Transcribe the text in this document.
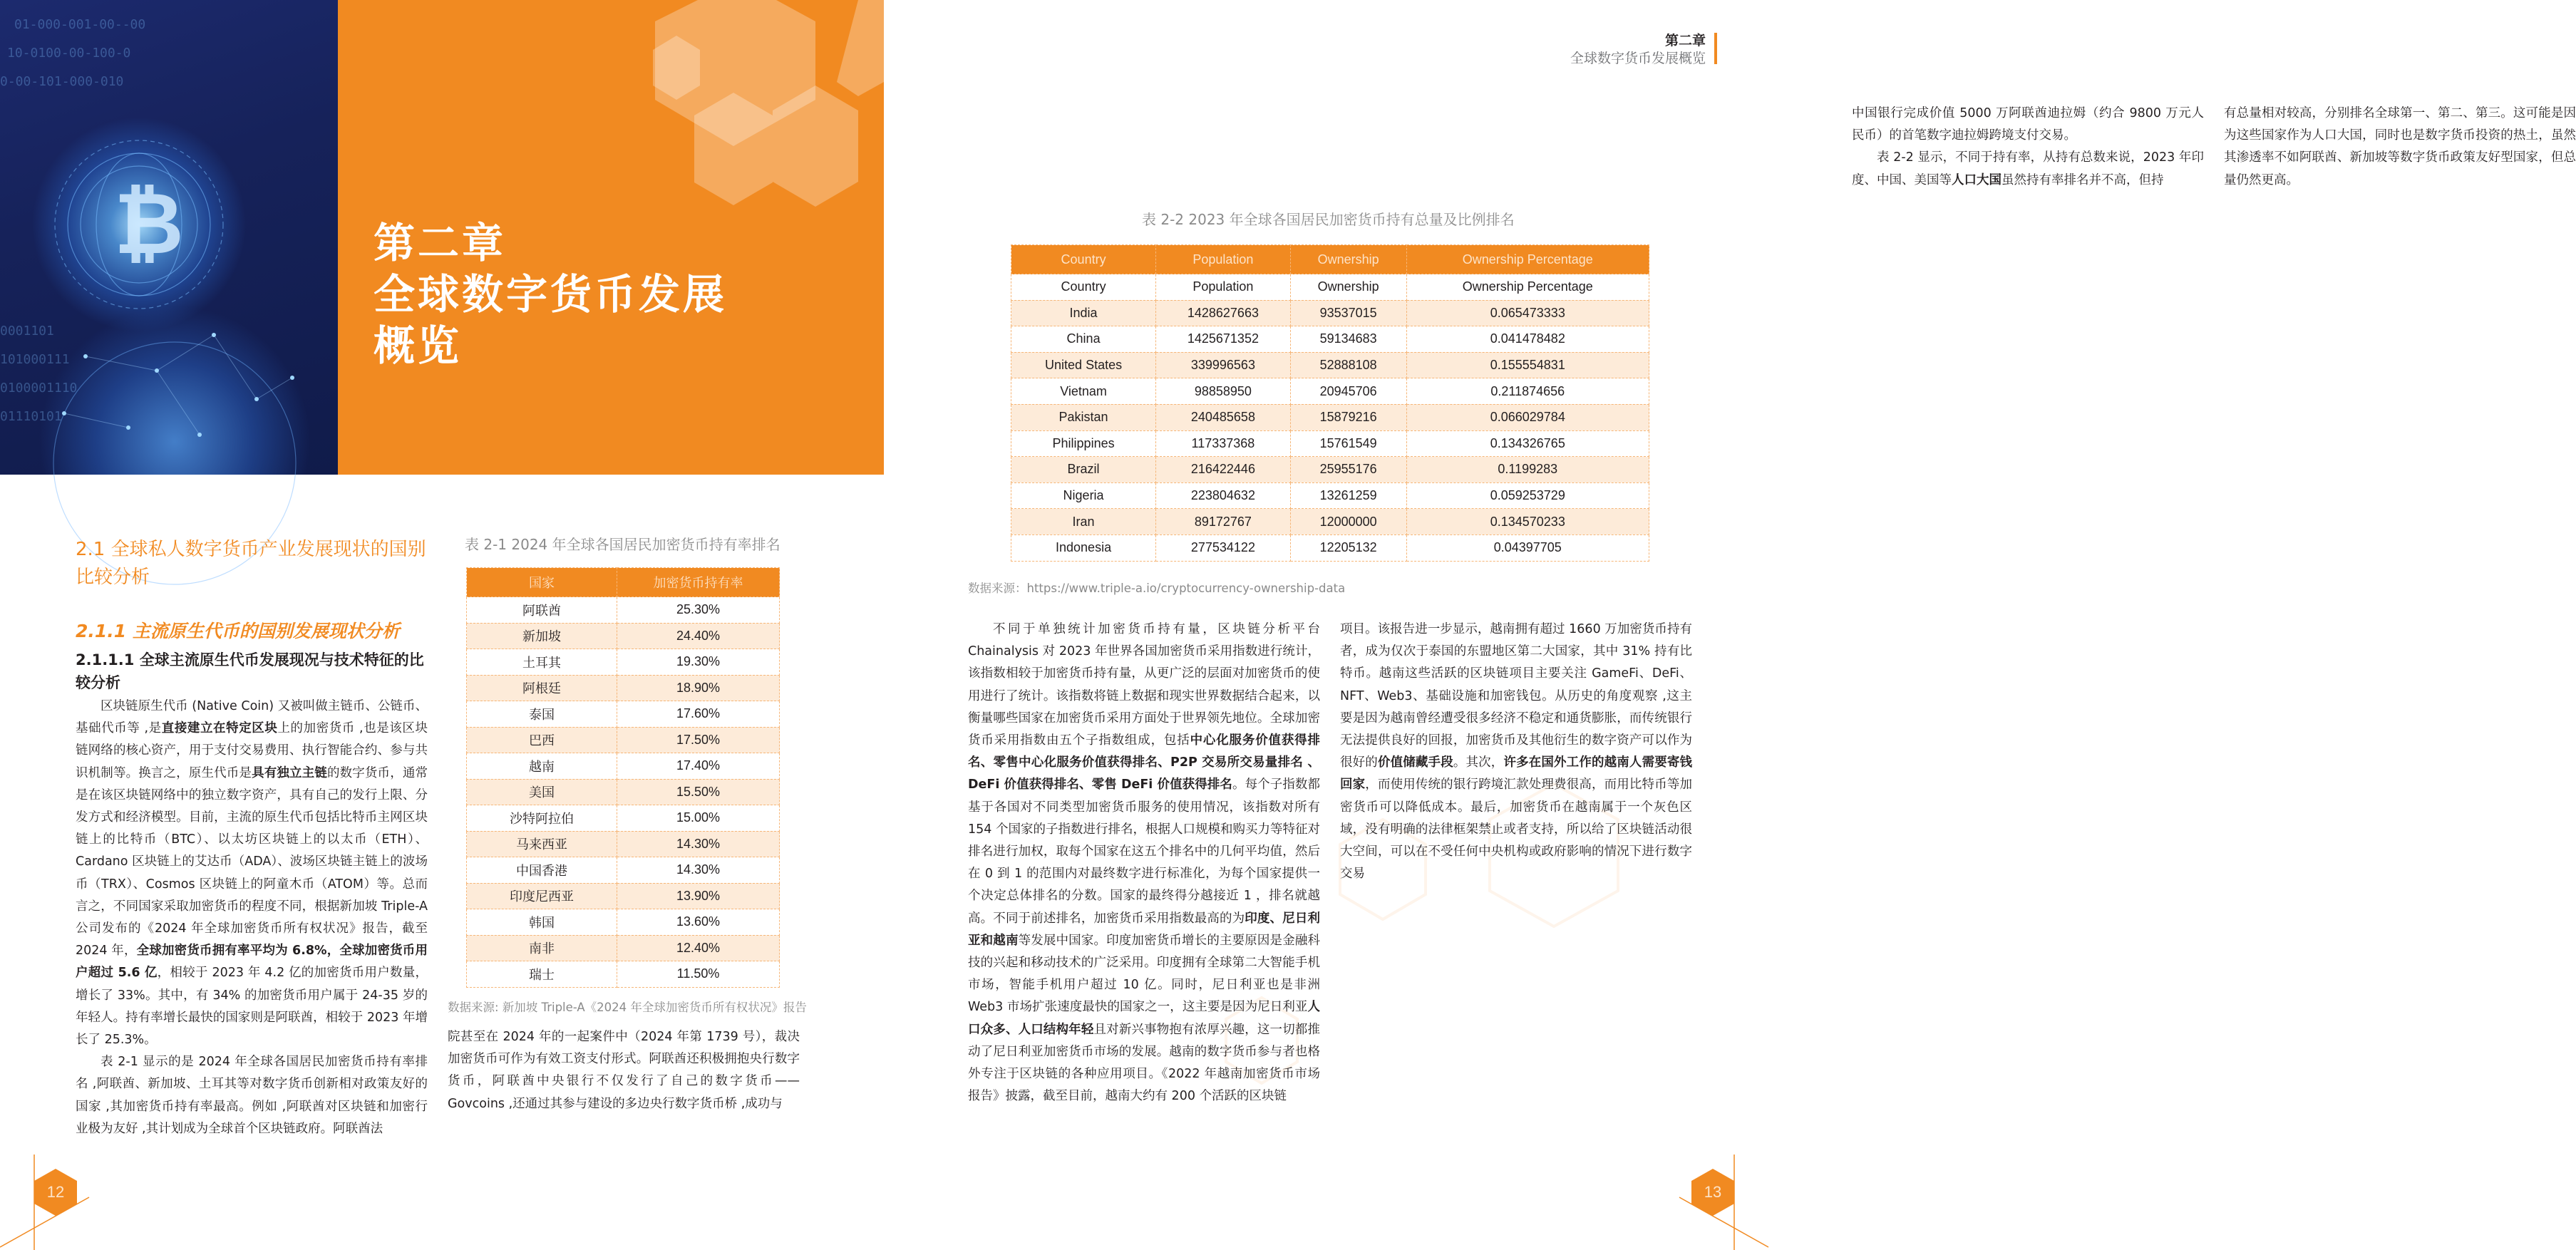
₿
01-000-001-00--00
10-0100-00-100-0
0-00-101-000-010
0001101
101000111
0100001110
01110101
第二章
全球数字货币发展
概览
2.1 全球私人数字货币产业发展现状的国别比较分析
2.1.1 主流原生代币的国别发展现状分析
2.1.1.1 全球主流原生代币发展现况与技术特征的比较分析

区块链原生代币 (Native Coin) 又被叫做主链币、公链币、基础代币等 ,是直接建立在特定区块上的加密货币 ,也是该区块链网络的核心资产，用于支付交易费用、执行智能合约、参与共识机制等。换言之，原生代币是具有独立主链的数字货币，通常是在该区块链网络中的独立数字资产，具有自己的发行上限、分发方式和经济模型。目前，主流的原生代币包括比特币主网区块链上的比特币（BTC）、以太坊区块链上的以太币（ETH）、Cardano 区块链上的艾达币（ADA）、波场区块链主链上的波场币（TRX）、Cosmos 区块链上的阿童木币（ATOM）等。总而言之，不同国家采取加密货币的程度不同，根据新加坡 Triple-A 公司发布的《2024 年全球加密货币所有权状况》报告，截至 2024 年，全球加密货币拥有率平均为 6.8%，全球加密货币用户超过 5.6 亿，相较于 2023 年 4.2 亿的加密货币用户数量，增长了 33%。其中，有 34% 的加密货币用户属于 24-35 岁的年轻人。持有率增长最快的国家则是阿联酋，相较于 2023 年增长了 25.3%。

表 2-1 显示的是 2024 年全球各国居民加密货币持有率排名 ,阿联酋、新加坡、土耳其等对数字货币创新相对政策友好的国家 ,其加密货币持有率最高。例如 ,阿联酋对区块链和加密行业极为友好 ,其计划成为全球首个区块链政府。阿联酋法

表 2-1 2024 年全球各国居民加密货币持有率排名
国家	加密货币持有率
阿联酋	25.30%
新加坡	24.40%
土耳其	19.30%
阿根廷	18.90%
泰国	17.60%
巴西	17.50%
越南	17.40%
美国	15.50%
沙特阿拉伯	15.00%
马来西亚	14.30%
中国香港	14.30%
印度尼西亚	13.90%
韩国	13.60%
南非	12.40%
瑞士	11.50%
数据来源: 新加坡 Triple-A《2024 年全球加密货币所有权状况》报告

院甚至在 2024 年的一起案件中（2024 年第 1739 号），裁决加密货币可作为有效工资支付形式。阿联酋还积极拥抱央行数字货币，阿联酋中央银行不仅发行了自己的数字货币——Govcoins ,还通过其参与建设的多边央行数字货币桥 ,成功与

12
第二章
全球数字货币发展概览

中国银行完成价值 5000 万阿联酋迪拉姆（约合 9800 万元人民币）的首笔数字迪拉姆跨境支付交易。

表 2-2 显示，不同于持有率，从持有总数来说，2023 年印度、中国、美国等人口大国虽然持有率排名并不高，但持

有总量相对较高，分别排名全球第一、第二、第三。这可能是因为这些国家作为人口大国，同时也是数字货币投资的热土，虽然其渗透率不如阿联酋、新加坡等数字货币政策友好型国家，但总量仍然更高。

表 2-2 2023 年全球各国居民加密货币持有总量及比例排名
Country	Population	Ownership	Ownership Percentage
Country	Population	Ownership	Ownership Percentage
India	1428627663	93537015	0.065473333
China	1425671352	59134683	0.041478482
United States	339996563	52888108	0.155554831
Vietnam	98858950	20945706	0.211874656
Pakistan	240485658	15879216	0.066029784
Philippines	117337368	15761549	0.134326765
Brazil	216422446	25955176	0.1199283
Nigeria	223804632	13261259	0.059253729
Iran	89172767	12000000	0.134570233
Indonesia	277534122	12205132	0.04397705
数据来源：https://www.triple-a.io/cryptocurrency-ownership-data

不同于单独统计加密货币持有量，区块链分析平台 Chainalysis 对 2023 年世界各国加密货币采用指数进行统计，该指数相较于加密货币持有量，从更广泛的层面对加密货币的使用进行了统计。该指数将链上数据和现实世界数据结合起来，以衡量哪些国家在加密货币采用方面处于世界领先地位。全球加密货币采用指数由五个子指数组成，包括中心化服务价值获得排名、零售中心化服务价值获得排名、P2P 交易所交易量排名 、DeFi 价值获得排名、零售 DeFi 价值获得排名。每个子指数都基于各国对不同类型加密货币服务的使用情况，该指数对所有 154 个国家的子指数进行排名，根据人口规模和购买力等特征对排名进行加权，取每个国家在这五个排名中的几何平均值，然后在 0 到 1 的范围内对最终数字进行标准化，为每个国家提供一个决定总体排名的分数。国家的最终得分越接近 1 ，排名就越高。不同于前述排名，加密货币采用指数最高的为印度、尼日利亚和越南等发展中国家。印度加密货币增长的主要原因是金融科技的兴起和移动技术的广泛采用。印度拥有全球第二大智能手机市场，智能手机用户超过 10 亿。同时，尼日利亚也是非洲 Web3 市场扩张速度最快的国家之一，这主要是因为尼日利亚人口众多、人口结构年轻且对新兴事物抱有浓厚兴趣，这一切都推动了尼日利亚加密货币市场的发展。越南的数字货币参与者也格外专注于区块链的各种应用项目。《2022 年越南加密货币市场报告》披露，截至目前，越南大约有 200 个活跃的区块链

项目。该报告进一步显示，越南拥有超过 1660 万加密货币持有者，成为仅次于泰国的东盟地区第二大国家，其中 31% 持有比特币。越南这些活跃的区块链项目主要关注 GameFi、DeFi、NFT、Web3、基础设施和加密钱包。从历史的角度观察 ,这主要是因为越南曾经遭受很多经济不稳定和通货膨胀，而传统银行无法提供良好的回报，加密货币及其他衍生的数字资产可以作为很好的价值储藏手段。其次，许多在国外工作的越南人需要寄钱回家，而使用传统的银行跨境汇款处理费很高，而用比特币等加密货币可以降低成本。最后，加密货币在越南属于一个灰色区域，没有明确的法律框架禁止或者支持，所以给了区块链活动很大空间，可以在不受任何中央机构或政府影响的情况下进行数字交易

13
